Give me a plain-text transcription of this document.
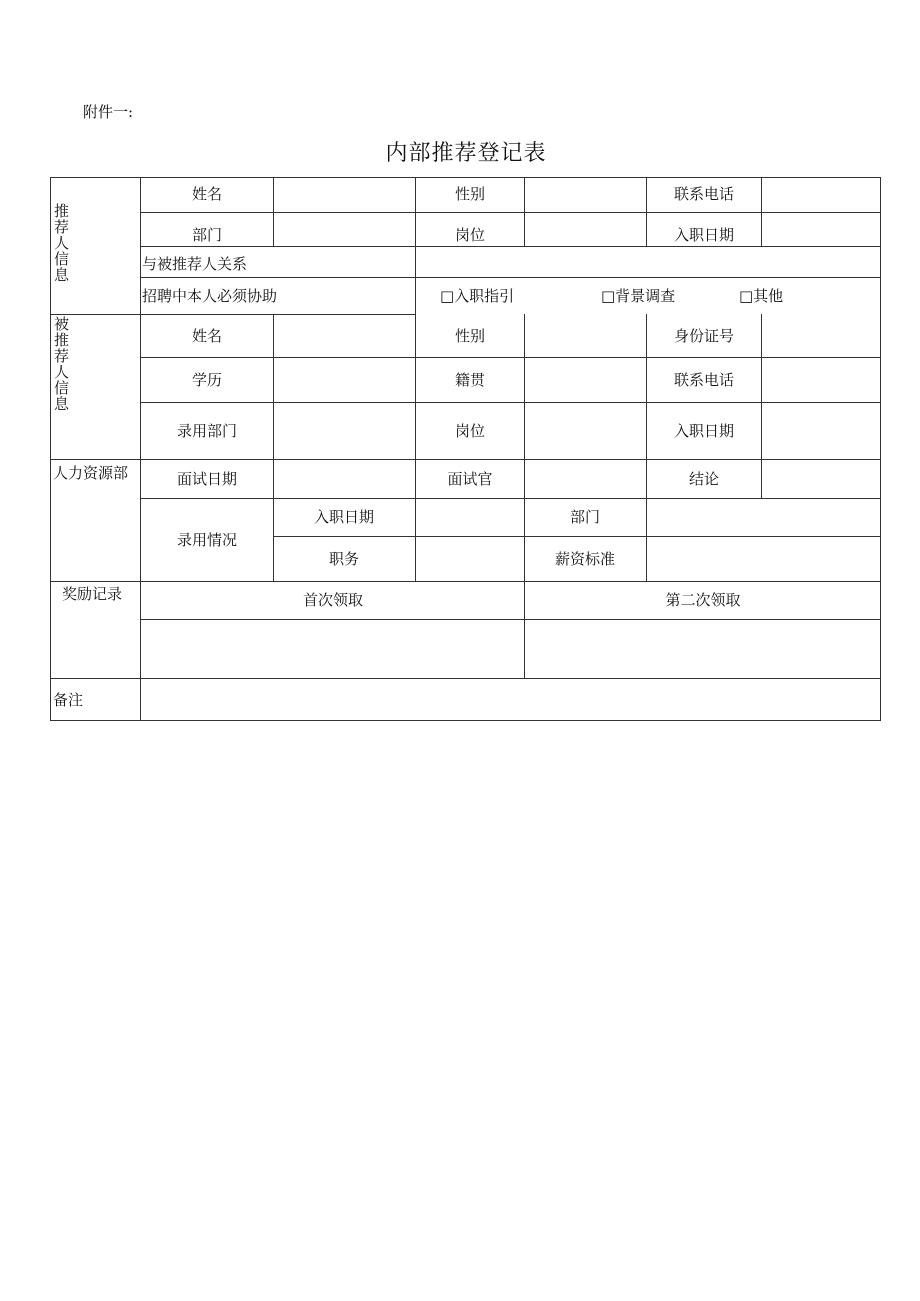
附件一:
内部推荐登记表
推荐人信息
姓名	性别	联系电话
部门	岗位	入职日期
与被推荐人关系
招聘中本人必须协助	□入职指引	□背景调查	□其他
被推荐人信息
姓名	性别	身份证号
学历	籍贯	联系电话
录用部门	岗位	入职日期
人力资源部	面试日期	面试官	结论
录用情况
入职日期	部门
职务	薪资标准
奖励记录	首次领取	第二次领取
备注
